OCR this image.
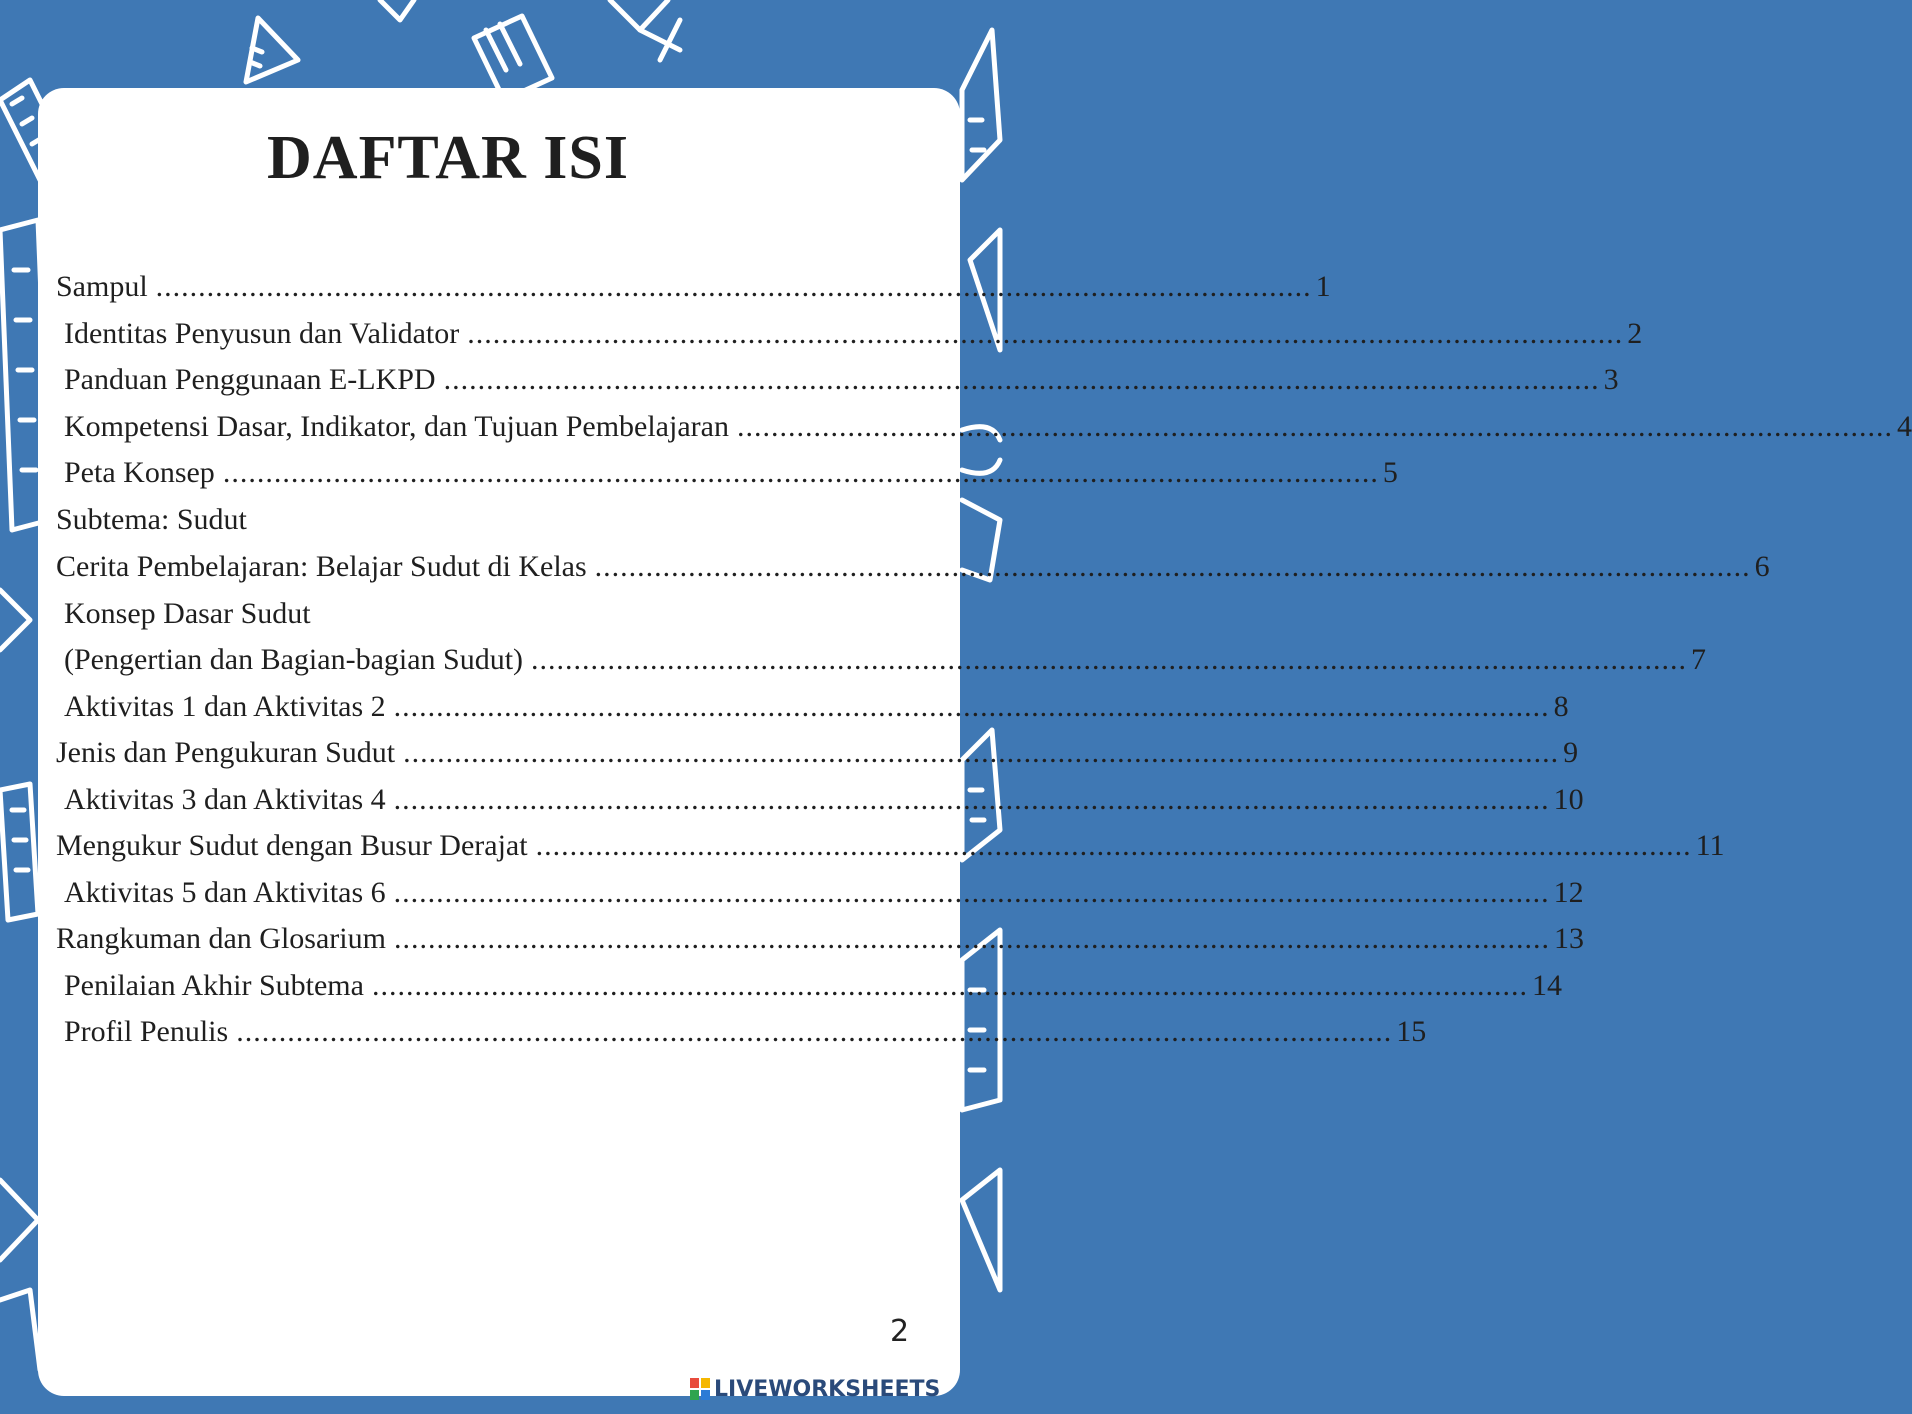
DAFTAR ISI
Sampul ........................................................................................................................................ 1
Identitas Penyusun dan Validator ........................................................................................................................................ 2
Panduan Penggunaan E-LKPD ........................................................................................................................................ 3
Kompetensi Dasar, Indikator, dan Tujuan Pembelajaran ........................................................................................................................................ 4
Peta Konsep ........................................................................................................................................ 5
Subtema: Sudut
Cerita Pembelajaran: Belajar Sudut di Kelas ........................................................................................................................................ 6
Konsep Dasar Sudut
(Pengertian dan Bagian-bagian Sudut) ........................................................................................................................................ 7
Aktivitas 1 dan Aktivitas 2 ........................................................................................................................................ 8
Jenis dan Pengukuran Sudut ........................................................................................................................................ 9
Aktivitas 3 dan Aktivitas 4 ........................................................................................................................................ 10
Mengukur Sudut dengan Busur Derajat ........................................................................................................................................ 11
Aktivitas 5 dan Aktivitas 6 ........................................................................................................................................ 12
Rangkuman dan Glosarium ........................................................................................................................................ 13
Penilaian Akhir Subtema ........................................................................................................................................ 14
Profil Penulis ........................................................................................................................................ 15
2
LIVEWORKSHEETS
